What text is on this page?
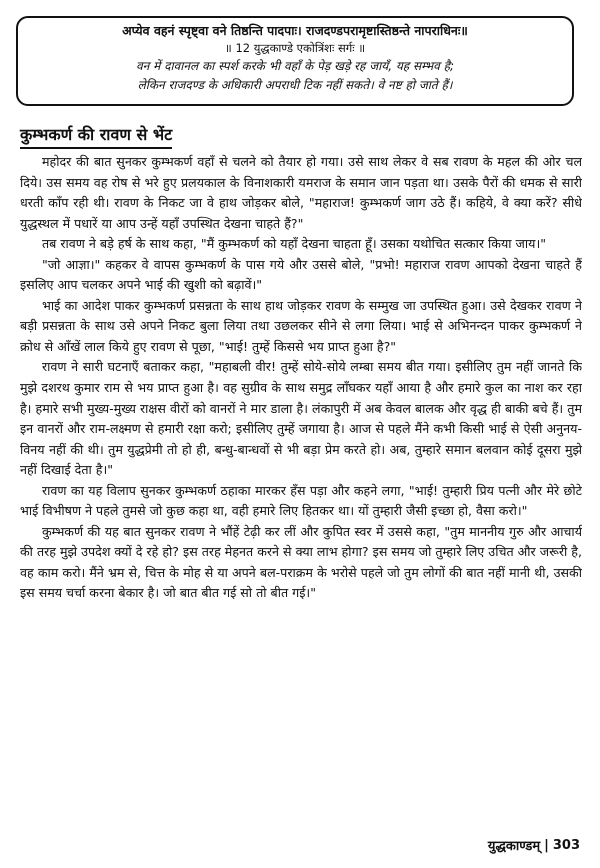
अप्येव वहनं स्पृष्ट्वा वने तिष्ठन्ति पादपाः। राजदण्डपरामृष्टास्तिष्ठन्ते नापराधिनः॥
॥ 12 युद्धकाण्डे एकोत्रिंशः सर्गः ॥
वन में दावानल का स्पर्श करके भी वहाँ के पेड़ खड़े रह जायँ, यह सम्भव है;
लेकिन राजदण्ड के अधिकारी अपराधी टिक नहीं सकते। वे नष्ट हो जाते हैं।
कुम्भकर्ण की रावण से भेंट

महोदर की बात सुनकर कुम्भकर्ण वहाँ से चलने को तैयार हो गया। उसे साथ लेकर वे सब रावण के महल की ओर चल दिये। उस समय वह रोष से भरे हुए प्रलयकाल के विनाशकारी यमराज के समान जान पड़ता था। उसके पैरों की धमक से सारी धरती काँप रही थी। रावण के निकट जा वे हाथ जोड़कर बोले, "महाराज! कुम्भकर्ण जाग उठे हैं। कहिये, वे क्या करें? सीधे युद्धस्थल में पधारें या आप उन्हें यहाँ उपस्थित देखना चाहते हैं?"

तब रावण ने बड़े हर्ष के साथ कहा, "मैं कुम्भकर्ण को यहाँ देखना चाहता हूँ। उसका यथोचित सत्कार किया जाय।"

"जो आज्ञा।" कहकर वे वापस कुम्भकर्ण के पास गये और उससे बोले, "प्रभो! महाराज रावण आपको देखना चाहते हैं इसलिए आप चलकर अपने भाई की खुशी को बढ़ावें।"

भाई का आदेश पाकर कुम्भकर्ण प्रसन्नता के साथ हाथ जोड़कर रावण के सम्मुख जा उपस्थित हुआ। उसे देखकर रावण ने बड़ी प्रसन्नता के साथ उसे अपने निकट बुला लिया तथा उछलकर सीने से लगा लिया। भाई से अभिनन्दन पाकर कुम्भकर्ण ने क्रोध से आँखें लाल किये हुए रावण से पूछा, "भाई! तुम्हें किससे भय प्राप्त हुआ है?"

रावण ने सारी घटनाएँ बताकर कहा, "महाबली वीर! तुम्हें सोये-सोये लम्बा समय बीत गया। इसीलिए तुम नहीं जानते कि मुझे दशरथ कुमार राम से भय प्राप्त हुआ है। वह सुग्रीव के साथ समुद्र लाँघकर यहाँ आया है और हमारे कुल का नाश कर रहा है। हमारे सभी मुख्य-मुख्य राक्षस वीरों को वानरों ने मार डाला है। लंकापुरी में अब केवल बालक और वृद्ध ही बाकी बचे हैं। तुम इन वानरों और राम-लक्ष्मण से हमारी रक्षा करो; इसीलिए तुम्हें जगाया है। आज से पहले मैंने कभी किसी भाई से ऐसी अनुनय-विनय नहीं की थी। तुम युद्धप्रेमी तो हो ही, बन्धु-बान्धवों से भी बड़ा प्रेम करते हो। अब, तुम्हारे समान बलवान कोई दूसरा मुझे नहीं दिखाई देता है।"

रावण का यह विलाप सुनकर कुम्भकर्ण ठहाका मारकर हँस पड़ा और कहने लगा, "भाई! तुम्हारी प्रिय पत्नी और मेरे छोटे भाई विभीषण ने पहले तुमसे जो कुछ कहा था, वही हमारे लिए हितकर था। यों तुम्हारी जैसी इच्छा हो, वैसा करो।"

कुम्भकर्ण की यह बात सुनकर रावण ने भौंहें टेढ़ी कर लीं और कुपित स्वर में उससे कहा, "तुम माननीय गुरु और आचार्य की तरह मुझे उपदेश क्यों दे रहे हो? इस तरह मेहनत करने से क्या लाभ होगा? इस समय जो तुम्हारे लिए उचित और जरूरी है, वह काम करो। मैंने भ्रम से, चित्त के मोह से या अपने बल-पराक्रम के भरोसे पहले जो तुम लोगों की बात नहीं मानी थी, उसकी इस समय चर्चा करना बेकार है। जो बात बीत गई सो तो बीत गई।"

युद्धकाण्डम् | 303
